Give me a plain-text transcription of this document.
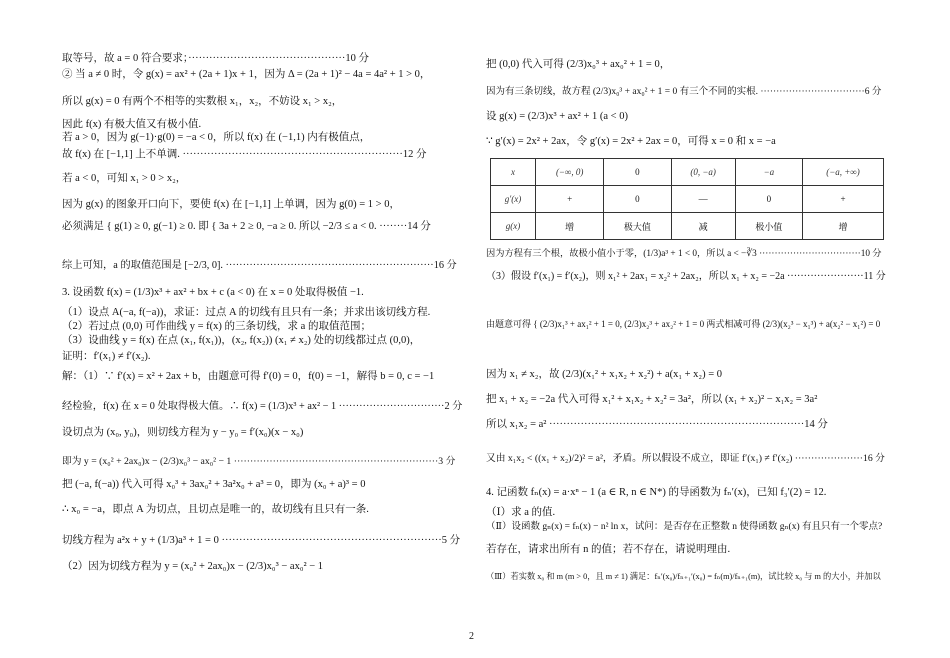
取等号，故 a = 0 符合要求；·············································10 分
② 当 a ≠ 0 时，令 g(x) = ax² + (2a + 1)x + 1，因为 Δ = (2a + 1)² − 4a = 4a² + 1 > 0，
所以 g(x) = 0 有两个不相等的实数根 x₁，x₂，不妨设 x₁ > x₂，
因此 f(x) 有极大值又有极小值.
若 a > 0，因为 g(−1)·g(0) = −a < 0，所以 f(x) 在 (−1,1) 内有极值点，
故 f(x) 在 [−1,1] 上不单调. ·······························································12 分
若 a < 0，可知 x₁ > 0 > x₂，
因为 g(x) 的图象开口向下，要使 f(x) 在 [−1,1] 上单调，因为 g(0) = 1 > 0，
必须满足 { g(1) ≥ 0, g(−1) ≥ 0. 即 { 3a + 2 ≥ 0, −a ≥ 0. 所以 −2/3 ≤ a < 0. ········14 分
综上可知，a 的取值范围是 [−2/3, 0]. ·····························································16 分
3. 设函数 f(x) = (1/3)x³ + ax² + bx + c (a < 0) 在 x = 0 处取得极值 −1.
（1）设点 A(−a, f(−a))，求证：过点 A 的切线有且只有一条；并求出该切线方程.
（2）若过点 (0,0) 可作曲线 y = f(x) 的三条切线，求 a 的取值范围；
（3）设曲线 y = f(x) 在点 (x₁, f(x₁))，(x₂, f(x₂)) (x₁ ≠ x₂) 处的切线都过点 (0,0)，
证明：f′(x₁) ≠ f′(x₂).
解：（1）∵ f′(x) = x² + 2ax + b，由题意可得 f′(0) = 0，f(0) = −1，解得 b = 0, c = −1
经检验，f(x) 在 x = 0 处取得极大值。∴ f(x) = (1/3)x³ + ax² − 1 ·······························2 分
设切点为 (x₀, y₀)，则切线方程为 y − y₀ = f′(x₀)(x − x₀)
即为 y = (x₀² + 2ax₀)x − (2/3)x₀³ − ax₀² − 1 ·······························································3 分
把 (−a, f(−a)) 代入可得 x₀³ + 3ax₀² + 3a²x₀ + a³ = 0，即为 (x₀ + a)³ = 0
∴ x₀ = −a，即点 A 为切点，且切点是唯一的，故切线有且只有一条.
切线方程为 a²x + y + (1/3)a³ + 1 = 0 ·······························································5 分
（2）因为切线方程为 y = (x₀² + 2ax₀)x − (2/3)x₀³ − ax₀² − 1
x	(−∞, 0)	0	(0, −a)	−a	(−a, +∞)
g′(x)	+	0	—	0	+
g(x)	增	极大值	减	极小值	增
把 (0,0) 代入可得 (2/3)x₀³ + ax₀² + 1 = 0，
因为有三条切线，故方程 (2/3)x₀³ + ax₀² + 1 = 0 有三个不同的实根. ·································6 分
设 g(x) = (2/3)x³ + ax² + 1 (a < 0)
∵ g′(x) = 2x² + 2ax，令 g′(x) = 2x² + 2ax = 0，可得 x = 0 和 x = −a
因为方程有三个根，故极小值小于零，(1/3)a³ + 1 < 0，所以 a < −∛3 ·································10 分
（3）假设 f′(x₁) = f′(x₂)，则 x₁² + 2ax₁ = x₂² + 2ax₂，所以 x₁ + x₂ = −2a ·······················11 分
由题意可得 { (2/3)x₁³ + ax₁² + 1 = 0, (2/3)x₂³ + ax₂² + 1 = 0 两式相减可得 (2/3)(x₂³ − x₁³) + a(x₂² − x₁²) = 0
因为 x₁ ≠ x₂，故 (2/3)(x₁² + x₁x₂ + x₂²) + a(x₁ + x₂) = 0
把 x₁ + x₂ = −2a 代入可得 x₁² + x₁x₂ + x₂² = 3a²，所以 (x₁ + x₂)² − x₁x₂ = 3a²
所以 x₁x₂ = a² ·········································································14 分
又由 x₁x₂ < ((x₁ + x₂)/2)² = a²，矛盾。所以假设不成立，即证 f′(x₁) ≠ f′(x₂) ·····················16 分
4. 记函数 fₙ(x) = a·xⁿ − 1 (a ∈ R, n ∈ N*) 的导函数为 fₙ′(x)，已知 f₃′(2) = 12.
（Ⅰ）求 a 的值.
（Ⅱ）设函数 gₙ(x) = fₙ(x) − n² ln x，试问：是否存在正整数 n 使得函数 gₙ(x) 有且只有一个零点?
若存在，请求出所有 n 的值；若不存在，请说明理由.
（Ⅲ）若实数 x₀ 和 m (m > 0，且 m ≠ 1) 满足：fₙ′(x₀)/fₙ₊₁′(x₀) = fₙ(m)/fₙ₊₁(m)，试比较 x₀ 与 m 的大小，并加以
2
